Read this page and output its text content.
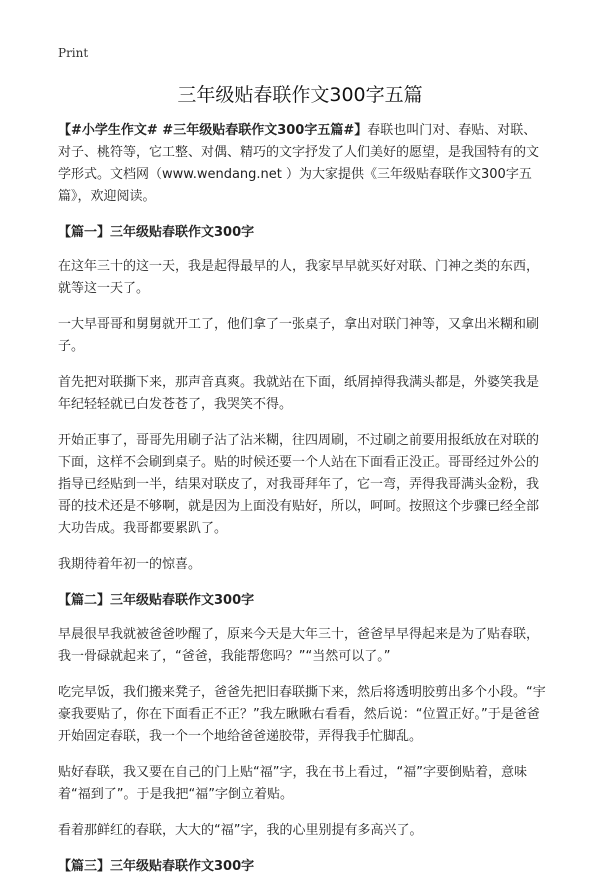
Print
三年级贴春联作文300字五篇

【#小学生作文# #三年级贴春联作文300字五篇#】春联也叫门对、春贴、对联、对子、桃符等，它工整、对偶、精巧的文字抒发了人们美好的愿望，是我国特有的文学形式。文档网（www.wendang.net ）为大家提供《三年级贴春联作文300字五篇》，欢迎阅读。

【篇一】三年级贴春联作文300字

在这年三十的这一天，我是起得最早的人，我家早早就买好对联、门神之类的东西，就等这一天了。

一大早哥哥和舅舅就开工了，他们拿了一张桌子，拿出对联门神等，又拿出米糊和刷子。

首先把对联撕下来，那声音真爽。我就站在下面，纸屑掉得我满头都是，外婆笑我是年纪轻轻就已白发苍苍了，我哭笑不得。

开始正事了，哥哥先用刷子沾了沾米糊，往四周刷，不过刷之前要用报纸放在对联的下面，这样不会刷到桌子。贴的时候还要一个人站在下面看正没正。哥哥经过外公的指导已经贴到一半，结果对联皮了，对我哥拜年了，它一弯，弄得我哥满头金粉，我哥的技术还是不够啊，就是因为上面没有贴好，所以，呵呵。按照这个步骤已经全部大功告成。我哥都要累趴了。

我期待着年初一的惊喜。

【篇二】三年级贴春联作文300字

早晨很早我就被爸爸吵醒了，原来今天是大年三十，爸爸早早得起来是为了贴春联，我一骨碌就起来了，“爸爸，我能帮您吗？”“当然可以了。”

吃完早饭，我们搬来凳子，爸爸先把旧春联撕下来，然后将透明胶剪出多个小段。“宇豪我要贴了，你在下面看正不正？”我左瞅瞅右看看，然后说：“位置正好。”于是爸爸开始固定春联，我一个一个地给爸爸递胶带，弄得我手忙脚乱。

贴好春联，我又要在自己的门上贴“福”字，我在书上看过，“福”字要倒贴着，意味着“福到了”。于是我把“福”字倒立着贴。

看着那鲜红的春联，大大的“福”字，我的心里别提有多高兴了。

【篇三】三年级贴春联作文300字
